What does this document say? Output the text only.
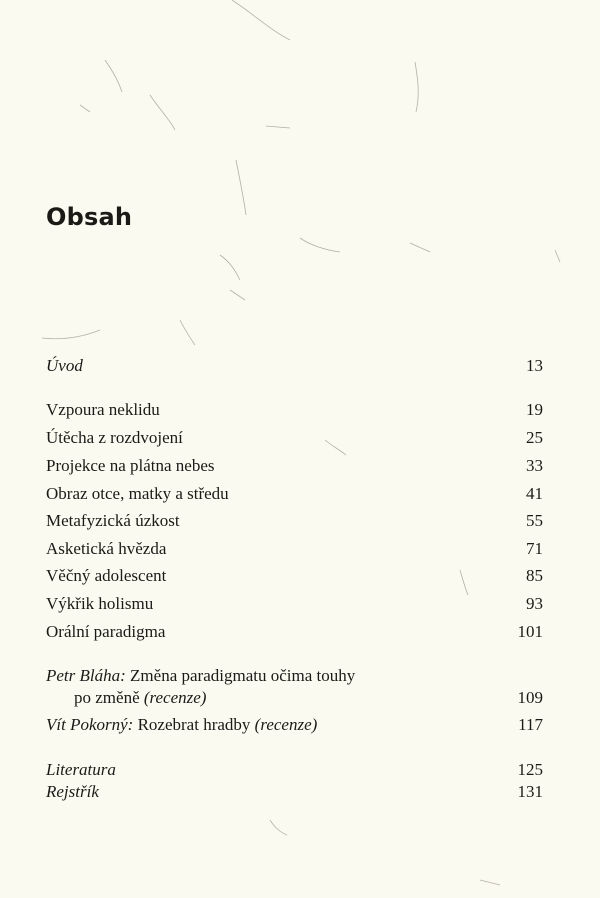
Obsah
Úvod	13
Vzpoura neklidu	19
Útěcha z rozdvojení	25
Projekce na plátna nebes	33
Obraz otce, matky a středu	41
Metafyzická úzkost	55
Asketická hvězda	71
Věčný adolescent	85
Výkřik holismu	93
Orální paradigma	101
Petr Bláha: Změna paradigmatu očima touhy
po změně (recenze)	109
Vít Pokorný: Rozebrat hradby (recenze)	117
Literatura	125
Rejstřík	131
